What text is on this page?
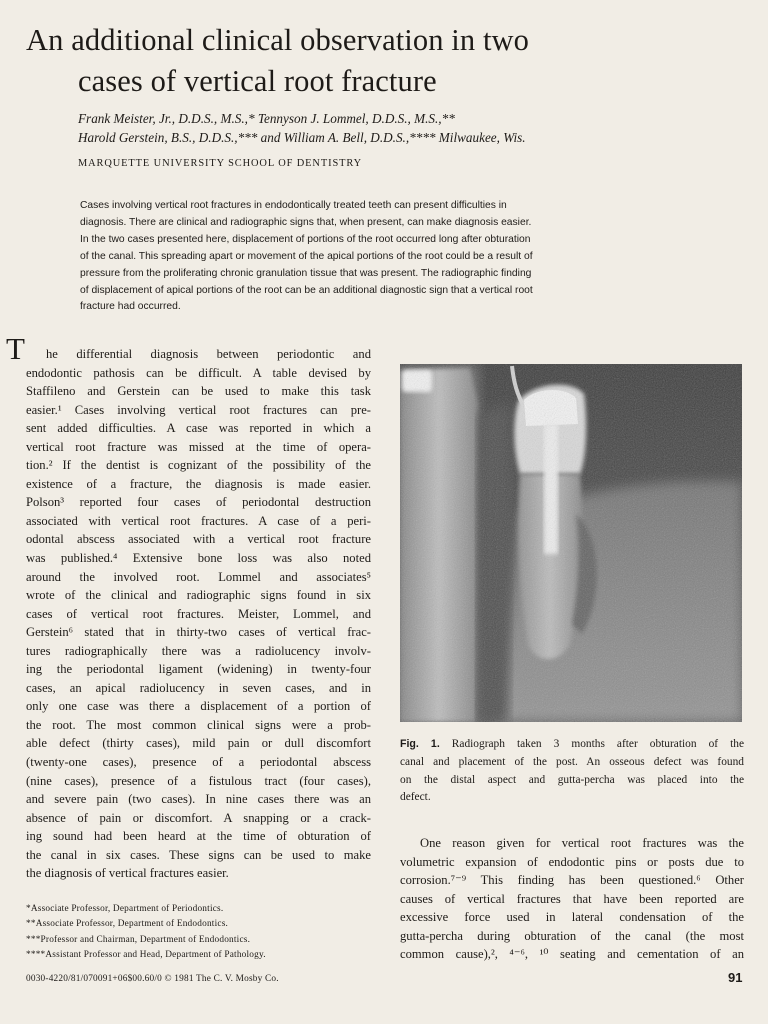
An additional clinical observation in two
cases of vertical root fracture
Frank Meister, Jr., D.D.S., M.S.,* Tennyson J. Lommel, D.D.S., M.S.,**
Harold Gerstein, B.S., D.D.S.,*** and William A. Bell, D.D.S.,**** Milwaukee, Wis.
MARQUETTE UNIVERSITY SCHOOL OF DENTISTRY
Cases involving vertical root fractures in endodontically treated teeth can present difficulties in
diagnosis. There are clinical and radiographic signs that, when present, can make diagnosis easier.
In the two cases presented here, displacement of portions of the root occurred long after obturation
of the canal. This spreading apart or movement of the apical portions of the root could be a result of
pressure from the proliferating chronic granulation tissue that was present. The radiographic finding
of displacement of apical portions of the root can be an additional diagnostic sign that a vertical root
fracture had occurred.
T he differential diagnosis between periodontic and
endodontic pathosis can be difficult. A table devised by
Staffileno and Gerstein can be used to make this task
easier.¹ Cases involving vertical root fractures can pre-
sent added difficulties. A case was reported in which a
vertical root fracture was missed at the time of opera-
tion.² If the dentist is cognizant of the possibility of the
existence of a fracture, the diagnosis is made easier.
Polson³ reported four cases of periodontal destruction
associated with vertical root fractures. A case of a peri-
odontal abscess associated with a vertical root fracture
was published.⁴ Extensive bone loss was also noted
around the involved root. Lommel and associates⁵
wrote of the clinical and radiographic signs found in six
cases of vertical root fractures. Meister, Lommel, and
Gerstein⁶ stated that in thirty-two cases of vertical frac-
tures radiographically there was a radiolucency involv-
ing the periodontal ligament (widening) in twenty-four
cases, an apical radiolucency in seven cases, and in
only one case was there a displacement of a portion of
the root. The most common clinical signs were a prob-
able defect (thirty cases), mild pain or dull discomfort
(twenty-one cases), presence of a periodontal abscess
(nine cases), presence of a fistulous tract (four cases),
and severe pain (two cases). In nine cases there was an
absence of pain or discomfort. A snapping or a crack-
ing sound had been heard at the time of obturation of
the canal in six cases. These signs can be used to make
the diagnosis of vertical fractures easier.
*Associate Professor, Department of Periodontics.
**Associate Professor, Department of Endodontics.
***Professor and Chairman, Department of Endodontics.
****Assistant Professor and Head, Department of Pathology.
Fig. 1. Radiograph taken 3 months after obturation of the
canal and placement of the post. An osseous defect was found
on the distal aspect and gutta-percha was placed into the
defect.
One reason given for vertical root fractures was the
volumetric expansion of endodontic pins or posts due to
corrosion.⁷⁻⁹ This finding has been questioned.⁶ Other
causes of vertical fractures that have been reported are
excessive force used in lateral condensation of the
gutta-percha during obturation of the canal (the most
common cause),², ⁴⁻⁶, ¹⁰ seating and cementation of an
0030-4220/81/070091+06$00.60/0 © 1981 The C. V. Mosby Co.	91
